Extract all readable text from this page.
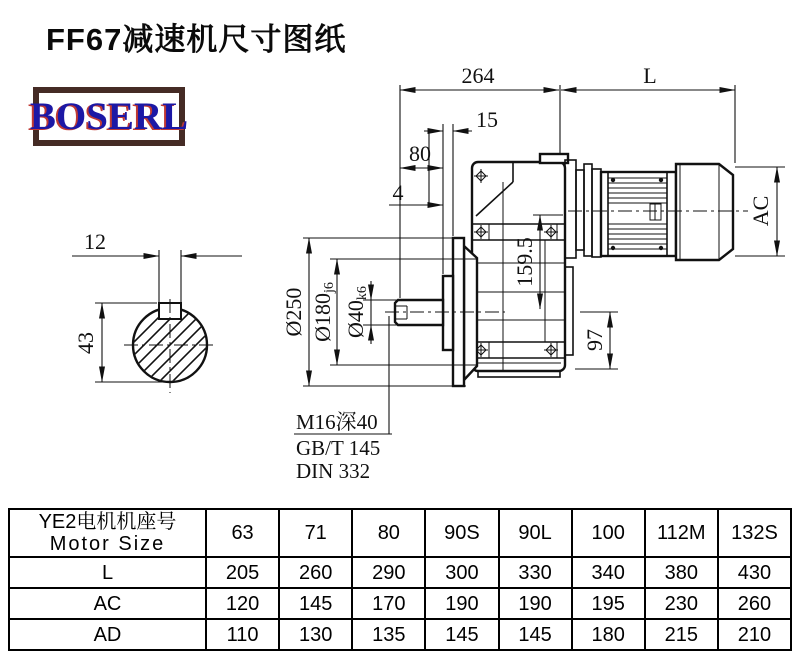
FF67减速机尺寸图纸
BOSERL
12
43
264	L
15
80
4
AC
159.5
97
Ø250 $Ø180_{j6}$
$Ø40_{k6}$
M16深40
GB/T 145
DIN 332
YE2电机机座号
Motor Size	63	71	80	90S	90L	100	112M	132S
L	205	260	290	300	330	340	380	430
AC	120	145	170	190	190	195	230	260
AD	110	130	135	145	145	180	215	210
